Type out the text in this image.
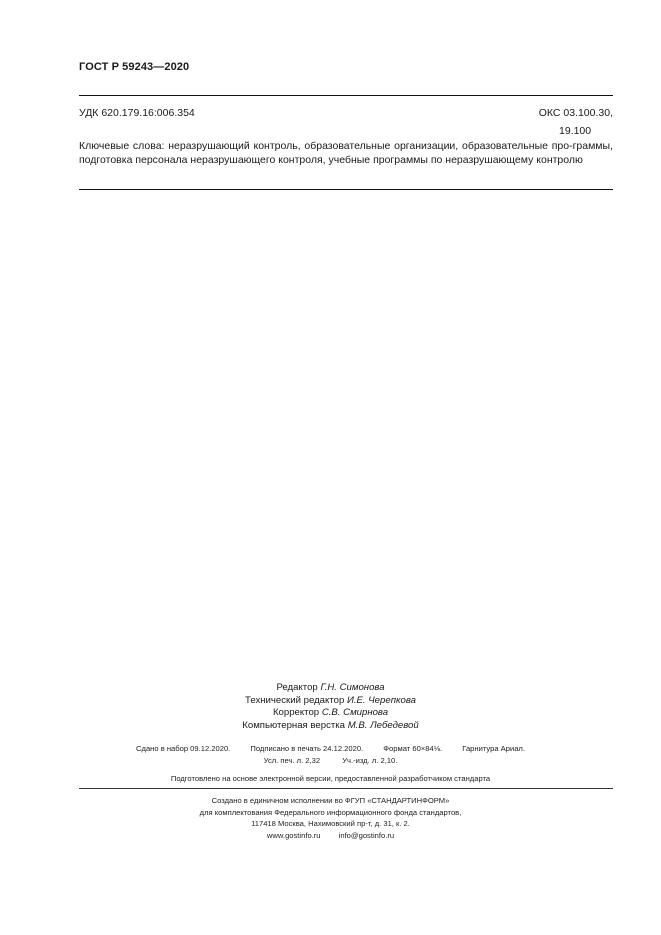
ГОСТ Р 59243—2020
УДК 620.179.16:006.354	ОКС 03.100.30,
19.100
Ключевые слова: неразрушающий контроль, образовательные организации, образовательные про-граммы, подготовка персонала неразрушающего контроля, учебные программы по неразрушающему контролю
Редактор Г.Н. Симонова
Технический редактор И.Е. Черепкова
Корректор С.В. Смирнова
Компьютерная верстка М.В. Лебедевой
Сдано в набор 09.12.2020.	Подписано в печать 24.12.2020.	Формат 60×84⅛.	Гарнитура Ариал.
Усл. печ. л. 2,32	Уч.-изд. л. 2,10.
Подготовлено на основе электронной версии, предоставленной разработчиком стандарта
Создано в единичном исполнении во ФГУП «СТАНДАРТИНФОРМ»
для комплектования Федерального информационного фонда стандартов,
117418 Москва, Нахимовский пр-т, д. 31, к. 2.
www.gostinfo.ru info@gostinfo.ru
